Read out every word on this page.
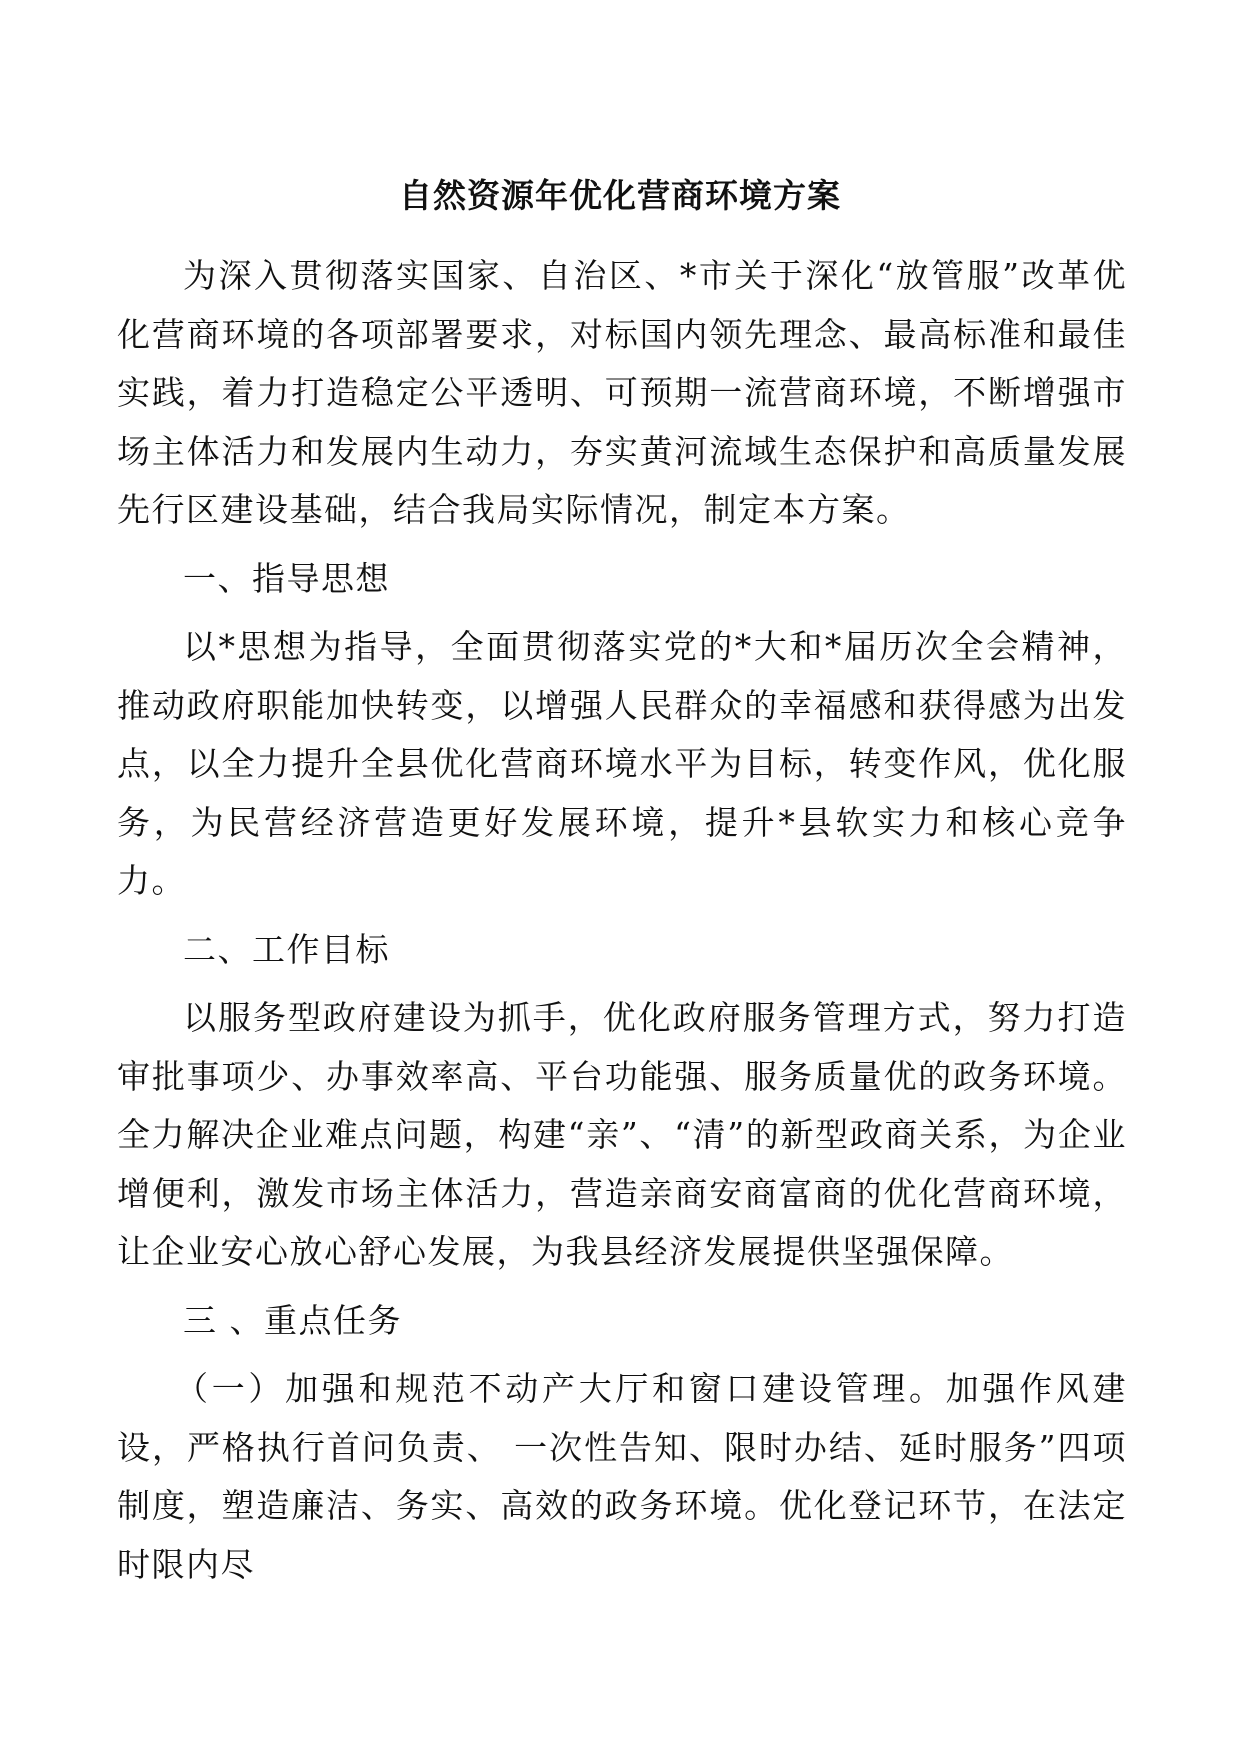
自然资源年优化营商环境方案

为深入贯彻落实国家、自治区、*市关于深化“放管服”改革优化营商环境的各项部署要求，对标国内领先理念、最高标准和最佳实践，着力打造稳定公平透明、可预期一流营商环境，不断增强市场主体活力和发展内生动力，夯实黄河流域生态保护和高质量发展先行区建设基础，结合我局实际情况，制定本方案。

一、指导思想

以*思想为指导，全面贯彻落实党的*大和*届历次全会精神，推动政府职能加快转变，以增强人民群众的幸福感和获得感为出发点，以全力提升全县优化营商环境水平为目标，转变作风，优化服务，为民营经济营造更好发展环境，提升*县软实力和核心竞争力。

二、工作目标

以服务型政府建设为抓手，优化政府服务管理方式，努力打造审批事项少、办事效率高、平台功能强、服务质量优的政务环境。全力解决企业难点问题，构建“亲”、“清”的新型政商关系，为企业增便利，激发市场主体活力，营造亲商安商富商的优化营商环境，让企业安心放心舒心发展，为我县经济发展提供坚强保障。

三 、重点任务

（一）加强和规范不动产大厅和窗口建设管理。加强作风建设，严格执行首问负责、 一次性告知、限时办结、延时服务”四项制度，塑造廉洁、务实、高效的政务环境。优化登记环节，在法定时限内尽
